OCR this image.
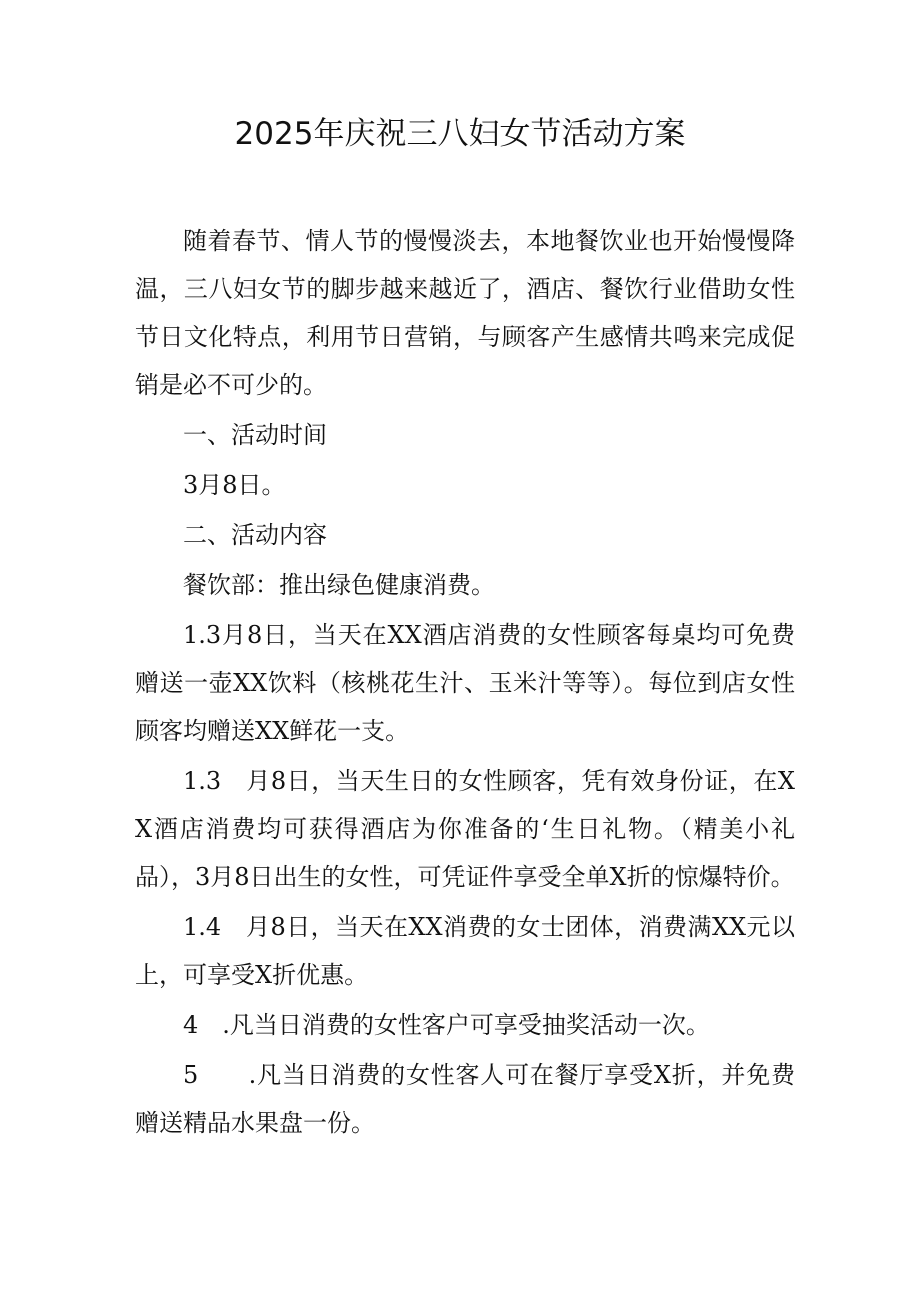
2025年庆祝三八妇女节活动方案

随着春节、情人节的慢慢淡去，本地餐饮业也开始慢慢降温，三八妇女节的脚步越来越近了，酒店、餐饮行业借助女性节日文化特点，利用节日营销，与顾客产生感情共鸣来完成促销是必不可少的。

一、活动时间

3月8日。

二、活动内容

餐饮部：推出绿色健康消费。

1.3月8日，当天在XX酒店消费的女性顾客每桌均可免费赠送一壶XX饮料（核桃花生汁、玉米汁等等）。每位到店女性顾客均赠送XX鲜花一支。

1.3　月8日，当天生日的女性顾客，凭有效身份证，在XX酒店消费均可获得酒店为你准备的‘生日礼物。（精美小礼品），3月8日出生的女性，可凭证件享受全单X折的惊爆特价。

1.4　月8日，当天在XX消费的女士团体，消费满XX元以上，可享受X折优惠。

4　.凡当日消费的女性客户可享受抽奖活动一次。

5　　.凡当日消费的女性客人可在餐厅享受X折，并免费赠送精品水果盘一份。
